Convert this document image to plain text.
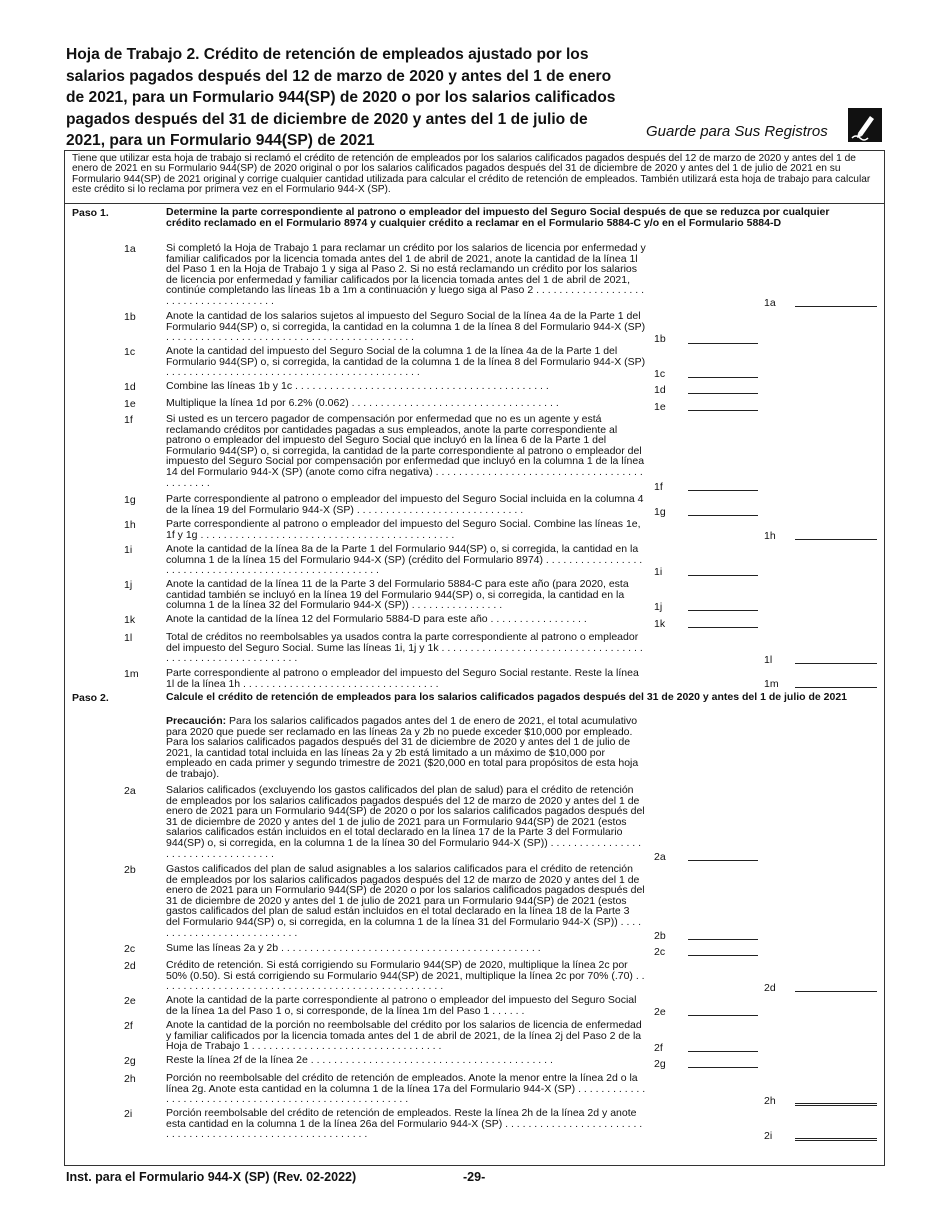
Hoja de Trabajo 2. Crédito de retención de empleados ajustado por los salarios pagados después del 12 de marzo de 2020 y antes del 1 de enero de 2021, para un Formulario 944(SP) de 2020 o por los salarios calificados pagados después del 31 de diciembre de 2020 y antes del 1 de julio de 2021, para un Formulario 944(SP) de 2021
Guarde para Sus Registros
Tiene que utilizar esta hoja de trabajo si reclamó el crédito de retención de empleados por los salarios calificados pagados después del 12 de marzo de 2020 y antes del 1 de enero de 2021 en su Formulario 944(SP) de 2020 original o por los salarios calificados pagados después del 31 de diciembre de 2020 y antes del 1 de julio de 2021 en su Formulario 944(SP) de 2021 original y corrige cualquier cantidad utilizada para calcular el crédito de retención de empleados. También utilizará esta hoja de trabajo para calcular este crédito si lo reclama por primera vez en el Formulario 944-X (SP).
Paso 1.	Determine la parte correspondiente al patrono o empleador del impuesto del Seguro Social después de que se reduzca por cualquier crédito reclamado en el Formulario 8974 y cualquier crédito a reclamar en el Formulario 5884-C y/o en el Formulario 5884-D
1a	Si completó la Hoja de Trabajo 1 para reclamar un crédito por los salarios de licencia por enfermedad y familiar calificados por la licencia tomada antes del 1 de abril de 2021, anote la cantidad de la línea 1l del Paso 1 en la Hoja de Trabajo 1 y siga al Paso 2. Si no está reclamando un crédito por los salarios de licencia por enfermedad y familiar calificados por la licencia tomada antes del 1 de abril de 2021, continúe completando las líneas 1b a 1m a continuación y luego siga al Paso 2 . . . . . . . . . . . . . . . . . . . . . . . . . . . . . . . . . . . . . .	1a
1b	Anote la cantidad de los salarios sujetos al impuesto del Seguro Social de la línea 4a de la Parte 1 del Formulario 944(SP) o, si corregida, la cantidad en la columna 1 de la línea 8 del Formulario 944-X (SP) . . . . . . . . . . . . . . . . . . . . . . . . . . . . . . . . . . . . . . . . . . .	1b
1c	Anote la cantidad del impuesto del Seguro Social de la columna 1 de la línea 4a de la Parte 1 del Formulario 944(SP) o, si corregida, la cantidad de la columna 1 de la línea 8 del Formulario 944-X (SP) . . . . . . . . . . . . . . . . . . . . . . . . . . . . . . . . . . . . . . . . . . . .	1c
1d	Combine las líneas 1b y 1c . . . . . . . . . . . . . . . . . . . . . . . . . . . . . . . . . . . . . . . . . . . .	1d
1e	Multiplique la línea 1d por 6.2% (0.062) . . . . . . . . . . . . . . . . . . . . . . . . . . . . . . . . . . . .	1e
1f	Si usted es un tercero pagador de compensación por enfermedad que no es un agente y está reclamando créditos por cantidades pagadas a sus empleados, anote la parte correspondiente al patrono o empleador del impuesto del Seguro Social que incluyó en la línea 6 de la Parte 1 del Formulario 944(SP) o, si corregida, la cantidad de la parte correspondiente al patrono o empleador del impuesto del Seguro Social por compensación por enfermedad que incluyó en la columna 1 de la línea 14 del Formulario 944-X (SP) (anote como cifra negativa) . . . . . . . . . . . . . . . . . . . . . . . . . . . . . . . . . . . . . . . . . . . .	1f
1g	Parte correspondiente al patrono o empleador del impuesto del Seguro Social incluida en la columna 4 de la línea 19 del Formulario 944-X (SP) . . . . . . . . . . . . . . . . . . . . . . . . . . . . .	1g
1h	Parte correspondiente al patrono o empleador del impuesto del Seguro Social. Combine las líneas 1e, 1f y 1g . . . . . . . . . . . . . . . . . . . . . . . . . . . . . . . . . . . . . . . . . . . .	1h
1i	Anote la cantidad de la línea 8a de la Parte 1 del Formulario 944(SP) o, si corregida, la cantidad en la columna 1 de la línea 15 del Formulario 944-X (SP) (crédito del Formulario 8974) . . . . . . . . . . . . . . . . . . . . . . . . . . . . . . . . . . . . . . . . . . . . . . . . . . . . . .	1i
1j	Anote la cantidad de la línea 11 de la Parte 3 del Formulario 5884-C para este año (para 2020, esta cantidad también se incluyó en la línea 19 del Formulario 944(SP) o, si corregida, la cantidad en la columna 1 de la línea 32 del Formulario 944-X (SP)) . . . . . . . . . . . . . . . .	1j
1k	Anote la cantidad de la línea 12 del Formulario 5884-D para este año . . . . . . . . . . . . . . . . .	1k
1l	Total de créditos no reembolsables ya usados contra la parte correspondiente al patrono o empleador del impuesto del Seguro Social. Sume las líneas 1i, 1j y 1k . . . . . . . . . . . . . . . . . . . . . . . . . . . . . . . . . . . . . . . . . . . . . . . . . . . . . . . . . .	1l
1m	Parte correspondiente al patrono o empleador del impuesto del Seguro Social restante. Reste la línea 1l de la línea 1h . . . . . . . . . . . . . . . . . . . . . . . . . . . . . . . . . .	1m
Paso 2.	Calcule el crédito de retención de empleados para los salarios calificados pagados después del 31 de 2020 y antes del 1 de julio de 2021
Precaución: Para los salarios calificados pagados antes del 1 de enero de 2021, el total acumulativo para 2020 que puede ser reclamado en las líneas 2a y 2b no puede exceder $10,000 por empleado. Para los salarios calificados pagados después del 31 de diciembre de 2020 y antes del 1 de julio de 2021, la cantidad total incluida en las líneas 2a y 2b está limitado a un máximo de $10,000 por empleado en cada primer y segundo trimestre de 2021 ($20,000 en total para propósitos de esta hoja de trabajo).
2a	Salarios calificados (excluyendo los gastos calificados del plan de salud) para el crédito de retención de empleados por los salarios calificados pagados después del 12 de marzo de 2020 y antes del 1 de enero de 2021 para un Formulario 944(SP) de 2020 o por los salarios calificados pagados después del 31 de diciembre de 2020 y antes del 1 de julio de 2021 para un Formulario 944(SP) de 2021 (estos salarios calificados están incluidos en el total declarado en la línea 17 de la Parte 3 del Formulario 944(SP) o, si corregida, en la columna 1 de la línea 30 del Formulario 944-X (SP)) . . . . . . . . . . . . . . . . . . . . . . . . . . . . . . . . . . .	2a
2b	Gastos calificados del plan de salud asignables a los salarios calificados para el crédito de retención de empleados por los salarios calificados pagados después del 12 de marzo de 2020 y antes del 1 de enero de 2021 para un Formulario 944(SP) de 2020 o por los salarios calificados pagados después del 31 de diciembre de 2020 y antes del 1 de julio de 2021 para un Formulario 944(SP) de 2021 (estos gastos calificados del plan de salud están incluidos en el total declarado en la línea 18 de la Parte 3 del Formulario 944(SP) o, si corregida, en la columna 1 de la línea 31 del Formulario 944-X (SP)) . . . . . . . . . . . . . . . . . . . . . . . . . . .	2b
2c	Sume las líneas 2a y 2b . . . . . . . . . . . . . . . . . . . . . . . . . . . . . . . . . . . . . . . . . . . . .	2c
2d	Crédito de retención. Si está corrigiendo su Formulario 944(SP) de 2020, multiplique la línea 2c por 50% (0.50). Si está corrigiendo su Formulario 944(SP) de 2021, multiplique la línea 2c por 70% (.70) . . . . . . . . . . . . . . . . . . . . . . . . . . . . . . . . . . . . . . . . . . . . . . . . . .	2d
2e	Anote la cantidad de la parte correspondiente al patrono o empleador del impuesto del Seguro Social de la línea 1a del Paso 1 o, si corresponde, de la línea 1m del Paso 1 . . . . . .	2e
2f	Anote la cantidad de la porción no reembolsable del crédito por los salarios de licencia de enfermedad y familiar calificados por la licencia tomada antes del 1 de abril de 2021, de la línea 2j del Paso 2 de la Hoja de Trabajo 1 . . . . . . . . . . . . . . . . . . . . . . . . . . . . . . . . .	2f
2g	Reste la línea 2f de la línea 2e . . . . . . . . . . . . . . . . . . . . . . . . . . . . . . . . . . . . . . . . . .	2g
2h	Porción no reembolsable del crédito de retención de empleados. Anote la menor entre la línea 2d o la línea 2g. Anote esta cantidad en la columna 1 de la línea 17a del Formulario 944-X (SP) . . . . . . . . . . . . . . . . . . . . . . . . . . . . . . . . . . . . . . . . . . . . . . . . . . . . . .	2h
2i	Porción reembolsable del crédito de retención de empleados. Reste la línea 2h de la línea 2d y anote esta cantidad en la columna 1 de la línea 26a del Formulario 944-X (SP) . . . . . . . . . . . . . . . . . . . . . . . . . . . . . . . . . . . . . . . . . . . . . . . . . . . . . . . . . . .	2i
Inst. para el Formulario 944-X (SP) (Rev. 02-2022)	-29-
